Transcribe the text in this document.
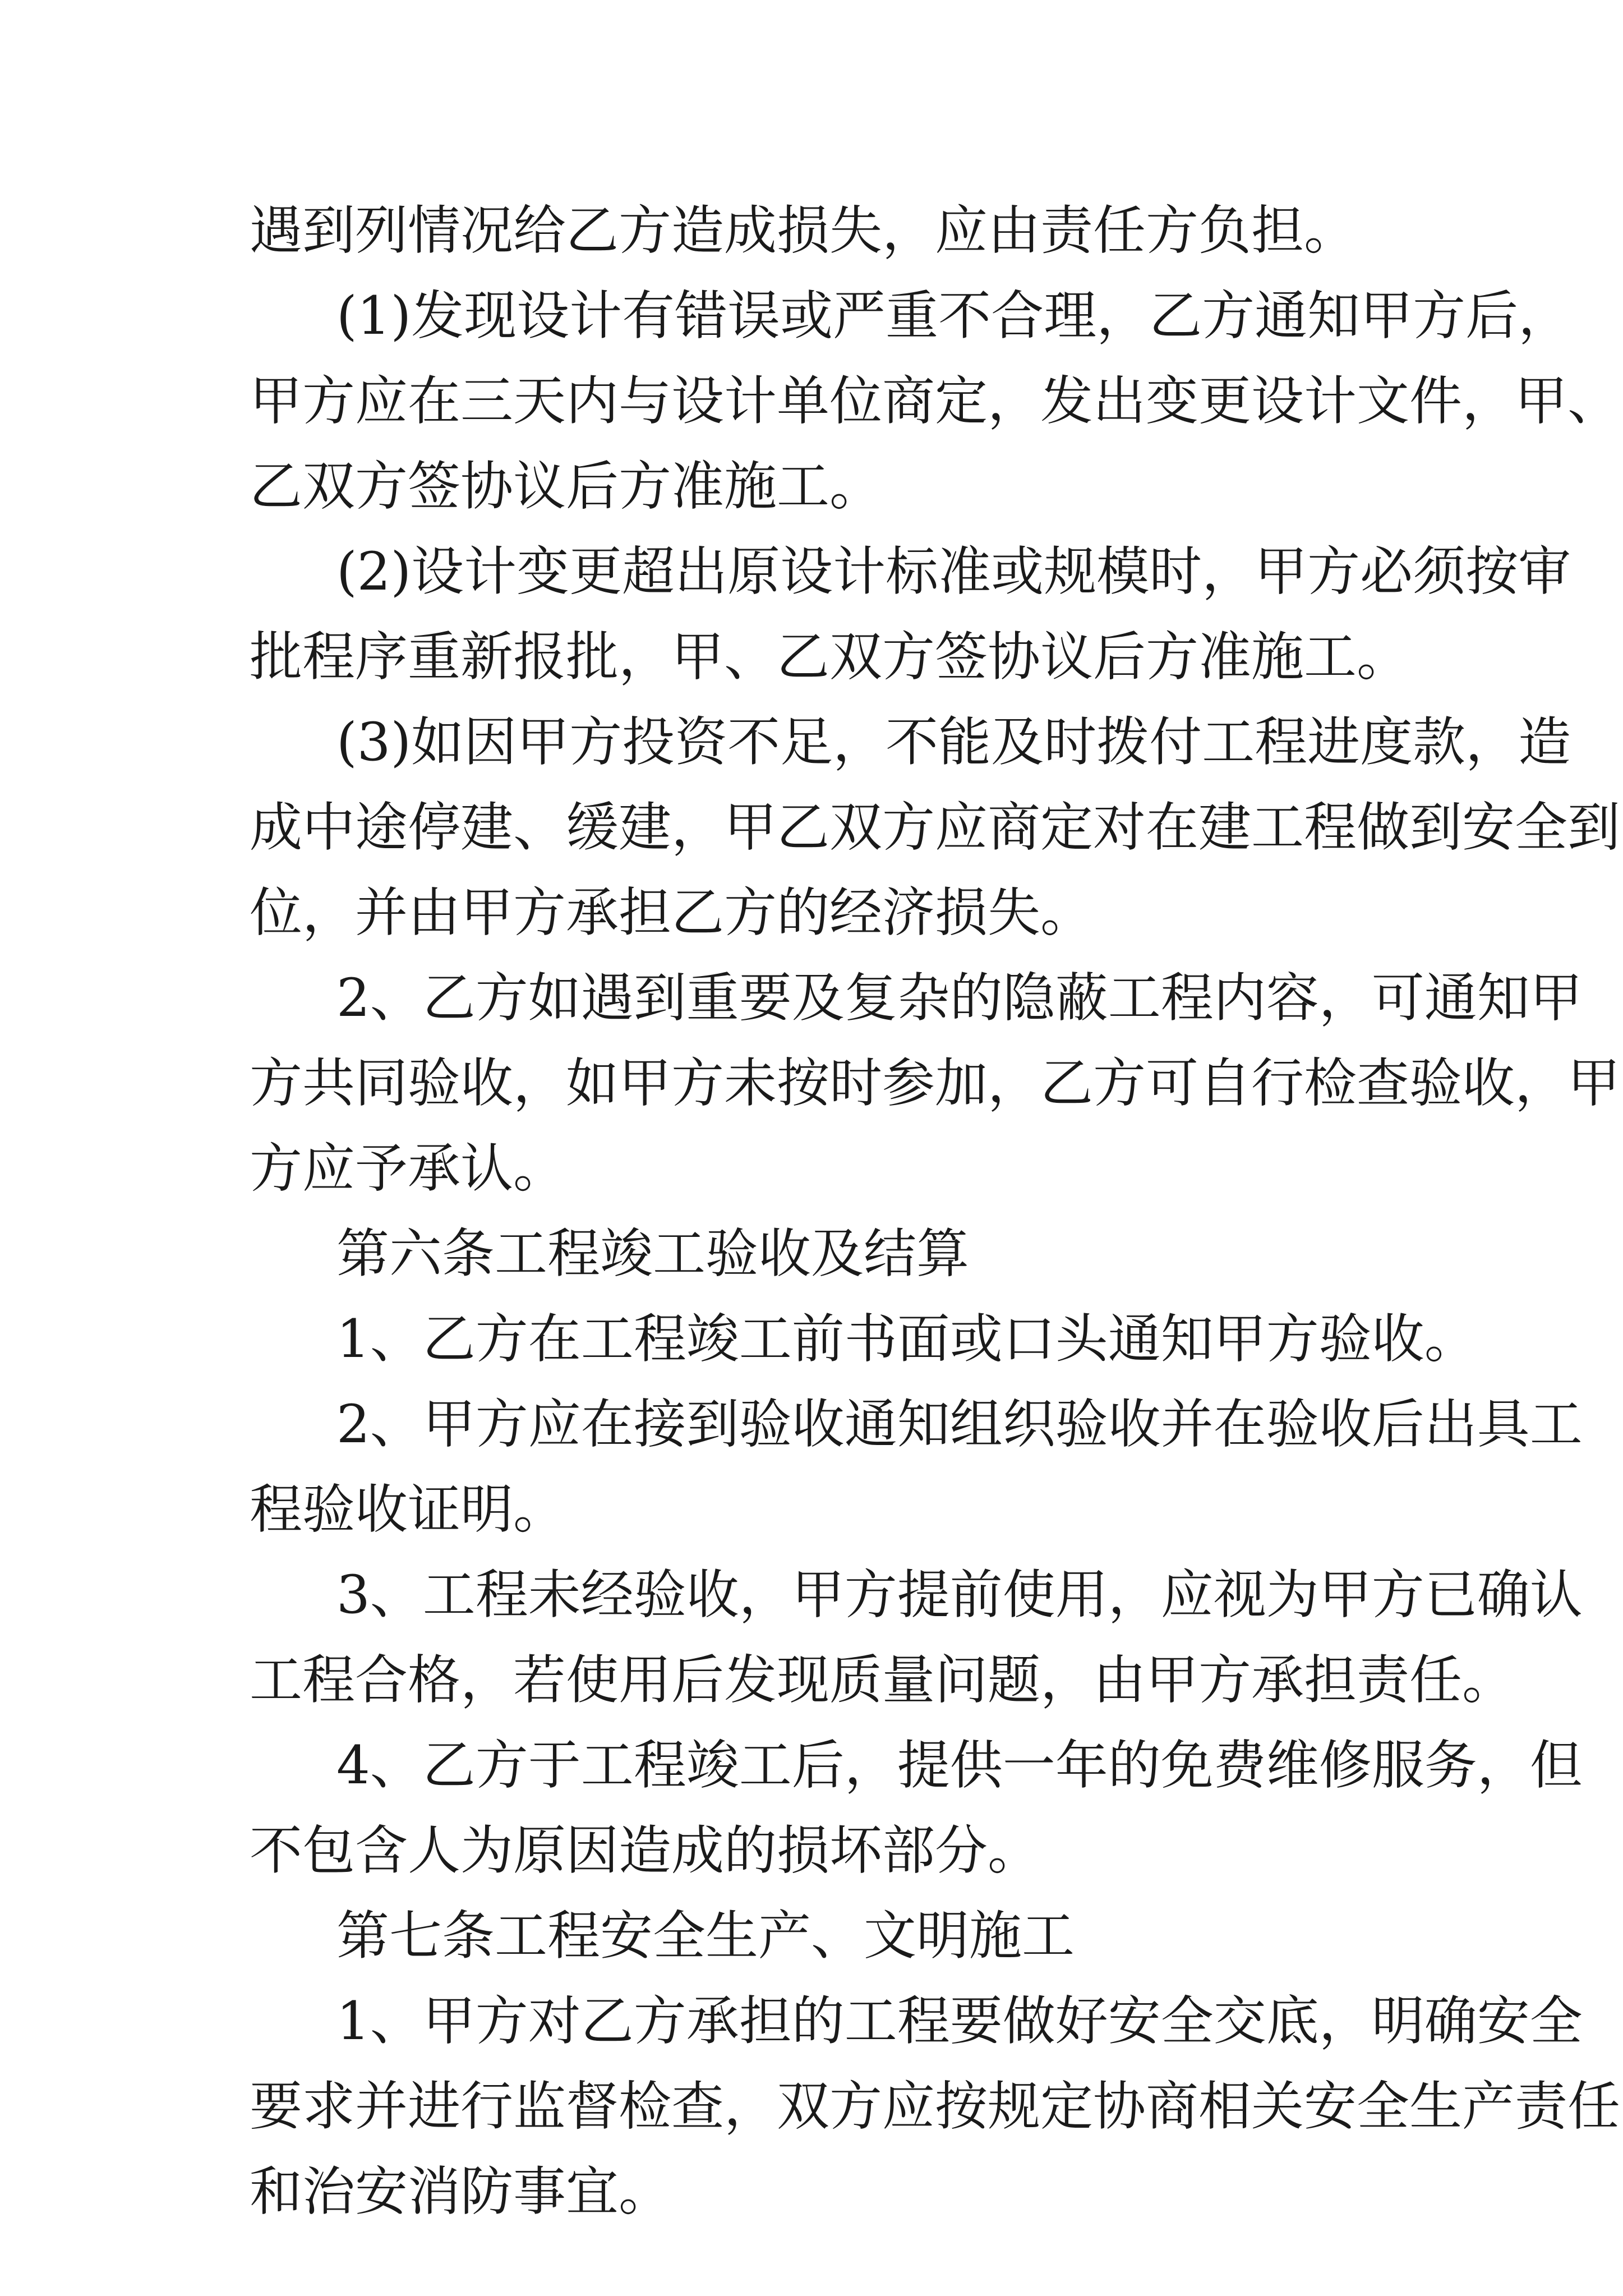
遇到列情况给乙方造成损失，应由责任方负担。
(1)发现设计有错误或严重不合理，乙方通知甲方后，
甲方应在三天内与设计单位商定，发出变更设计文件，甲、
乙双方签协议后方准施工。
(2)设计变更超出原设计标准或规模时，甲方必须按审
批程序重新报批，甲、乙双方签协议后方准施工。
(3)如因甲方投资不足，不能及时拨付工程进度款，造
成中途停建、缓建，甲乙双方应商定对在建工程做到安全到
位，并由甲方承担乙方的经济损失。
2、乙方如遇到重要及复杂的隐蔽工程内容，可通知甲
方共同验收，如甲方未按时参加，乙方可自行检查验收，甲
方应予承认。
第六条工程竣工验收及结算
1、乙方在工程竣工前书面或口头通知甲方验收。
2、甲方应在接到验收通知组织验收并在验收后出具工
程验收证明。
3、工程未经验收，甲方提前使用，应视为甲方已确认
工程合格，若使用后发现质量问题，由甲方承担责任。
4、乙方于工程竣工后，提供一年的免费维修服务，但
不包含人为原因造成的损坏部分。
第七条工程安全生产、文明施工
1、甲方对乙方承担的工程要做好安全交底，明确安全
要求并进行监督检查，双方应按规定协商相关安全生产责任
和治安消防事宜。
